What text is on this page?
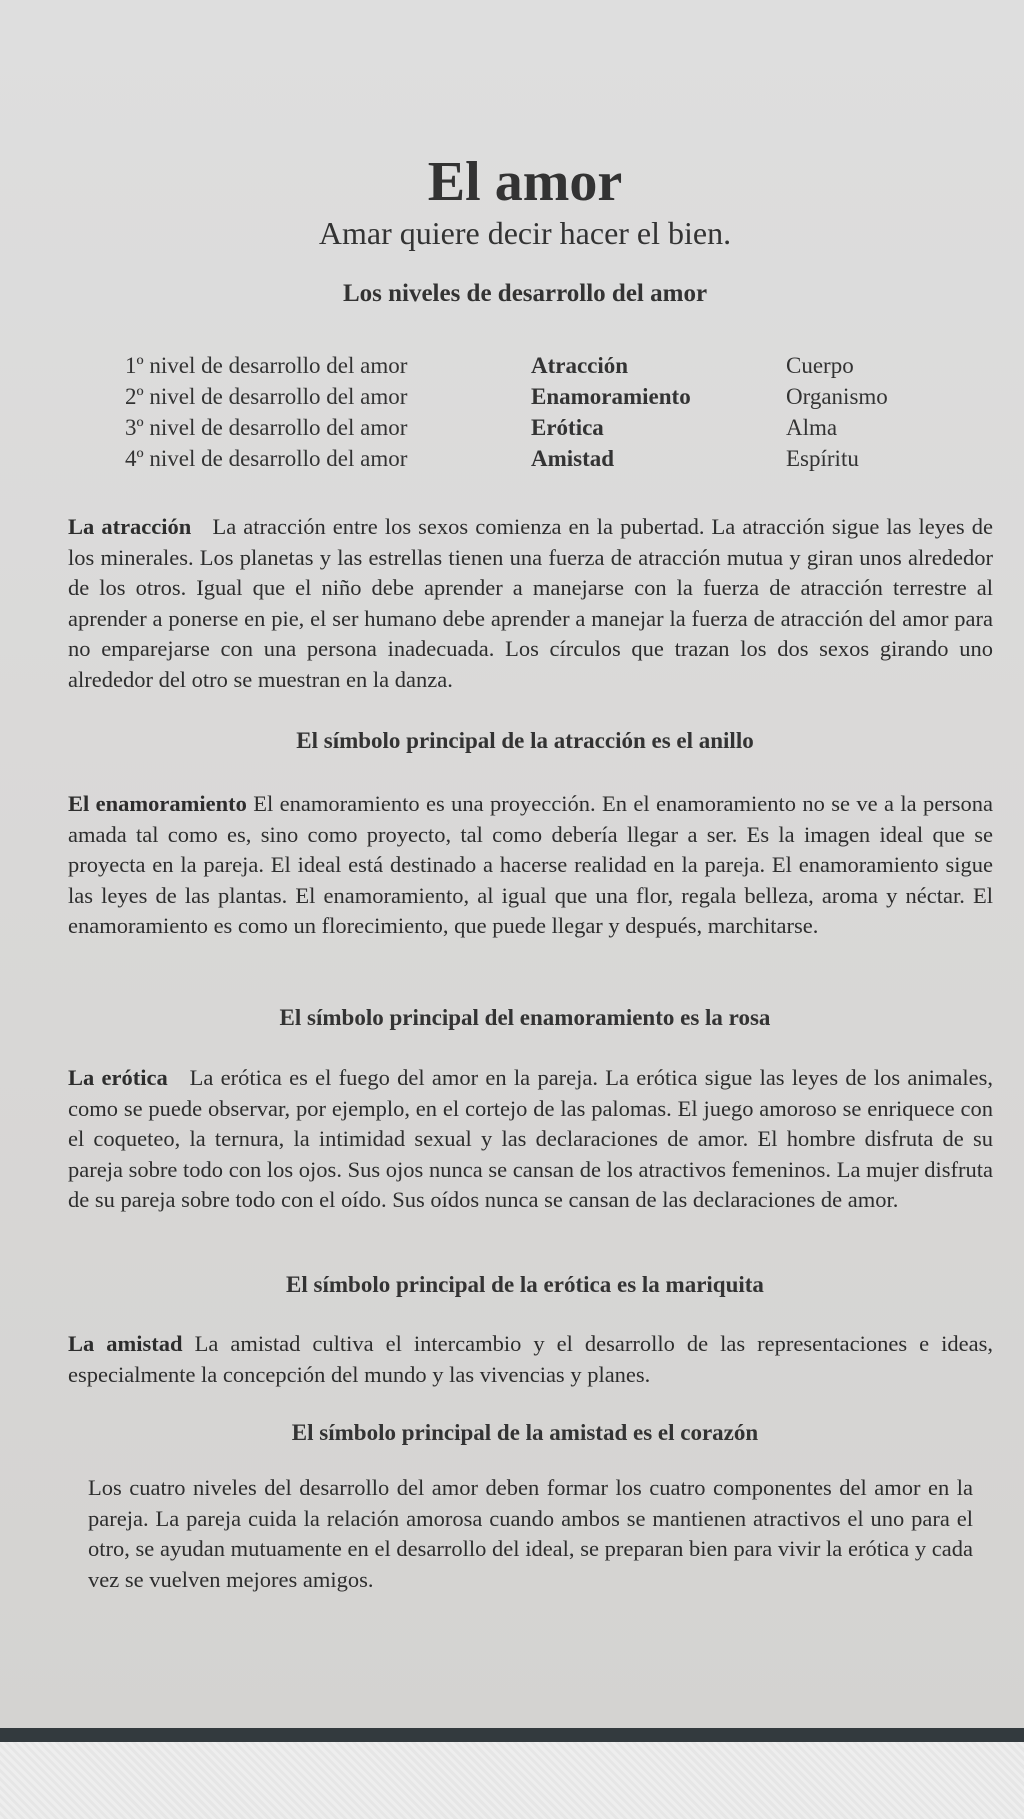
El amor
Amar quiere decir hacer el bien.
Los niveles de desarrollo del amor
1º nivel de desarrollo del amor	Atracción	Cuerpo
2º nivel de desarrollo del amor	Enamoramiento	Organismo
3º nivel de desarrollo del amor	Erótica	Alma
4º nivel de desarrollo del amor	Amistad	Espíritu
La atracción La atracción entre los sexos comienza en la pubertad. La atracción sigue las leyes de los minerales. Los planetas y las estrellas tienen una fuerza de atracción mutua y giran unos alrededor de los otros. Igual que el niño debe aprender a manejarse con la fuerza de atracción terrestre al aprender a ponerse en pie, el ser humano debe aprender a manejar la fuerza de atracción del amor para no emparejarse con una persona inadecuada. Los círculos que trazan los dos sexos girando uno alrededor del otro se muestran en la danza.
El símbolo principal de la atracción es el anillo
El enamoramiento El enamoramiento es una proyección. En el enamoramiento no se ve a la persona amada tal como es, sino como proyecto, tal como debería llegar a ser. Es la imagen ideal que se proyecta en la pareja. El ideal está destinado a hacerse realidad en la pareja. El enamoramiento sigue las leyes de las plantas. El enamoramiento, al igual que una flor, regala belleza, aroma y néctar. El enamoramiento es como un florecimiento, que puede llegar y después, marchitarse.
El símbolo principal del enamoramiento es la rosa
La erótica La erótica es el fuego del amor en la pareja. La erótica sigue las leyes de los animales, como se puede observar, por ejemplo, en el cortejo de las palomas. El juego amoroso se enriquece con el coqueteo, la ternura, la intimidad sexual y las declaraciones de amor. El hombre disfruta de su pareja sobre todo con los ojos. Sus ojos nunca se cansan de los atractivos femeninos. La mujer disfruta de su pareja sobre todo con el oído. Sus oídos nunca se cansan de las declaraciones de amor.
El símbolo principal de la erótica es la mariquita
La amistad La amistad cultiva el intercambio y el desarrollo de las representaciones e ideas, especialmente la concepción del mundo y las vivencias y planes.
El símbolo principal de la amistad es el corazón
Los cuatro niveles del desarrollo del amor deben formar los cuatro componentes del amor en la pareja. La pareja cuida la relación amorosa cuando ambos se mantienen atractivos el uno para el otro, se ayudan mutuamente en el desarrollo del ideal, se preparan bien para vivir la erótica y cada vez se vuelven mejores amigos.
